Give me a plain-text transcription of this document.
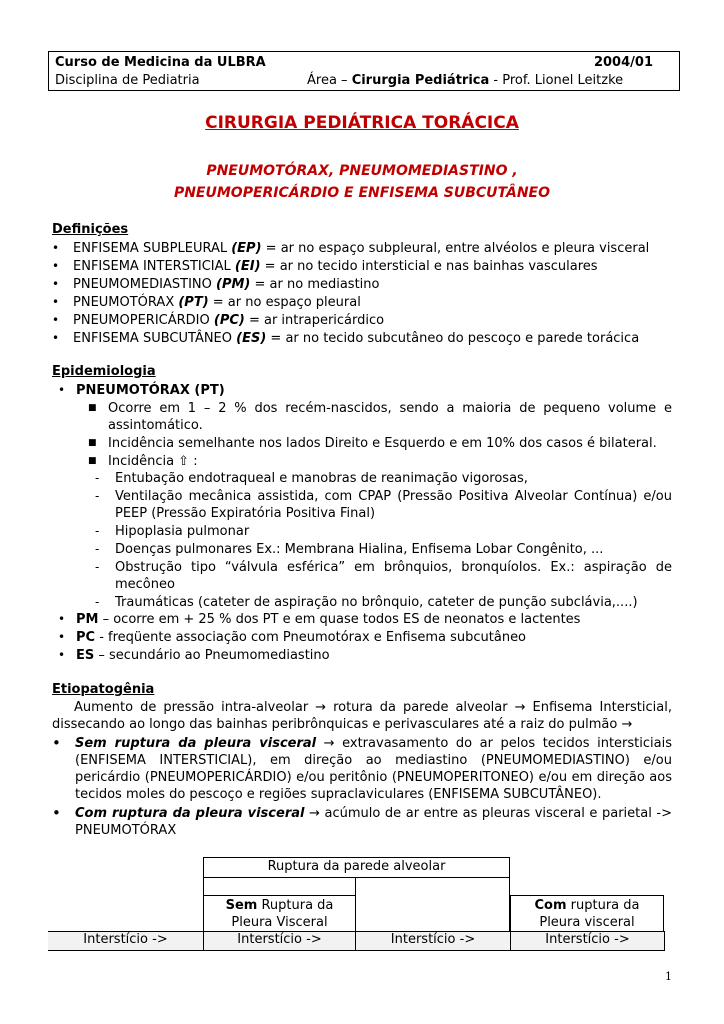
Curso de Medicina da ULBRA	2004/01
Disciplina de Pediatria	Área – Cirurgia Pediátrica - Prof. Lionel Leitzke
CIRURGIA PEDIÁTRICA TORÁCICA
PNEUMOTÓRAX, PNEUMOMEDIASTINO ,
PNEUMOPERICÁRDIO E ENFISEMA SUBCUTÂNEO
Definições
• ENFISEMA SUBPLEURAL (EP) = ar no espaço subpleural, entre alvéolos e pleura visceral
• ENFISEMA INTERSTICIAL (EI) = ar no tecido intersticial e nas bainhas vasculares
• PNEUMOMEDIASTINO (PM) = ar no mediastino
• PNEUMOTÓRAX (PT) = ar no espaço pleural
• PNEUMOPERICÁRDIO (PC) = ar intrapericárdico
• ENFISEMA SUBCUTÂNEO (ES) = ar no tecido subcutâneo do pescoço e parede torácica
Epidemiologia
• PNEUMOTÓRAX (PT)
■ Ocorre em 1 – 2 % dos recém-nascidos, sendo a maioria de pequeno volume e assintomático.
■ Incidência semelhante nos lados Direito e Esquerdo e em 10% dos casos é bilateral.
■ Incidência ⇧ :
- Entubação endotraqueal e manobras de reanimação vigorosas,
- Ventilação mecânica assistida, com CPAP (Pressão Positiva Alveolar Contínua) e/ou PEEP (Pressão Expiratória Positiva Final)
- Hipoplasia pulmonar
- Doenças pulmonares Ex.: Membrana Hialina, Enfisema Lobar Congênito, ...
- Obstrução tipo “válvula esférica” em brônquios, bronquíolos. Ex.: aspiração de mecôneo
- Traumáticas (cateter de aspiração no brônquio, cateter de punção subclávia,....)
• PM – ocorre em + 25 % dos PT e em quase todos ES de neonatos e lactentes
• PC - freqüente associação com Pneumotórax e Enfisema subcutâneo
• ES – secundário ao Pneumomediastino
Etiopatogênia
Aumento de pressão intra-alveolar → rotura da parede alveolar → Enfisema Intersticial, dissecando ao longo das bainhas peribrônquicas e perivasculares até a raiz do pulmão →
• Sem ruptura da pleura visceral → extravasamento do ar pelos tecidos intersticiais (ENFISEMA INTERSTICIAL), em direção ao mediastino (PNEUMOMEDIASTINO) e/ou pericárdio (PNEUMOPERICÁRDIO) e/ou peritônio (PNEUMOPERITONEO) e/ou em direção aos tecidos moles do pescoço e regiões supraclaviculares (ENFISEMA SUBCUTÂNEO).
• Com ruptura da pleura visceral → acúmulo de ar entre as pleuras visceral e parietal -> PNEUMOTÓRAX
Ruptura da parede alveolar
Sem Ruptura da
Pleura Visceral
Com ruptura da
Pleura visceral
Interstício ->	Interstício ->	Interstício ->	Interstício ->
1
